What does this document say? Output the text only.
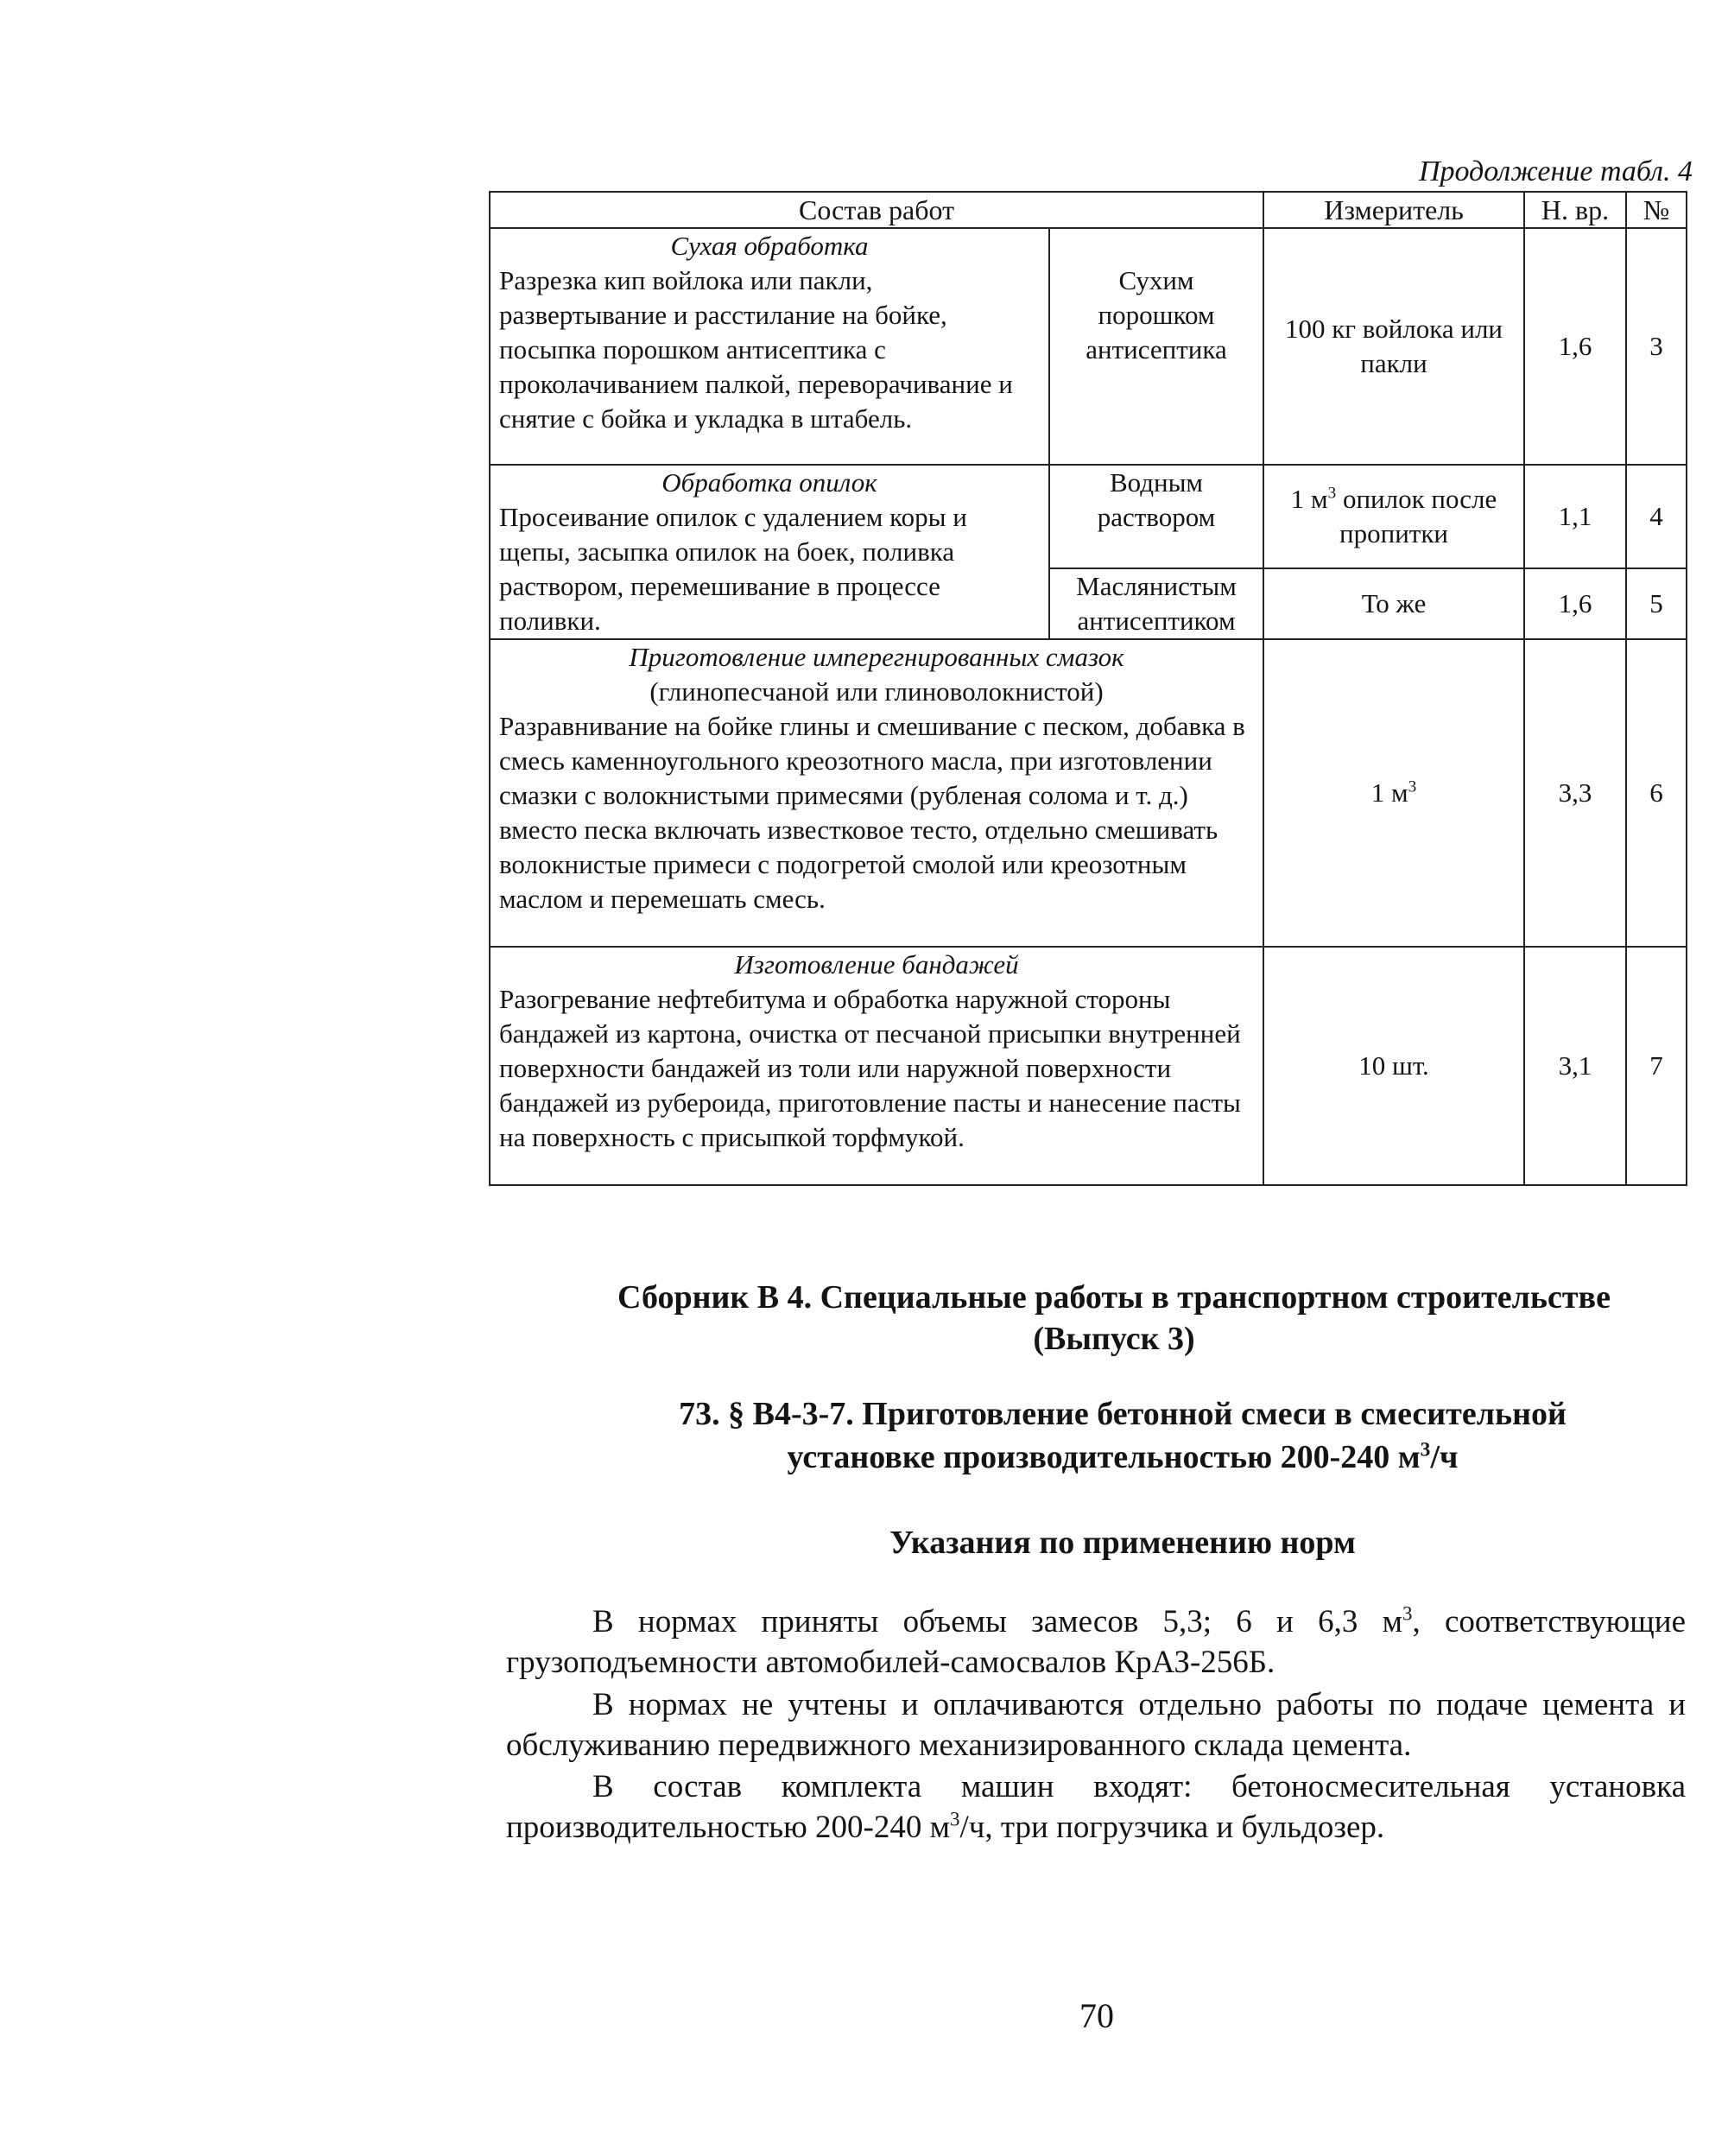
Продолжение табл. 4
Состав работ		Измеритель	Н. вр.	№

Сухая обработка
Разрезка кип войлока или пакли, развертывание и расстилание на бойке, посыпка порошком антисептика с проколачиванием палкой, переворачивание и снятие с бойка и укладка в штабель.	Сухим порошком антисептика	100 кг войлока или пакли	1,6	3

Обработка опилок
Просеивание опилок с удалением коры и щепы, засыпка опилок на боек, поливка раствором, перемешивание в процессе поливки.	Водным раствором	1 $м^3$ опилок после пропитки	1,1	4
	Маслянистым антисептиком	То же	1,6	5

Приготовление имперегнированных смазок
(глинопесчаной или глиноволокнистой)
Разравнивание на бойке глины и смешивание с песком, добавка в смесь каменноугольного креозотного масла, при изготовлении смазки с волокнистыми примесями (рубленая солома и т. д.) вместо песка включать известковое тесто, отдельно смешивать волокнистые примеси с подогретой смолой или креозотным маслом и перемешать смесь.		1 $м^3$	3,3	6

Изготовление бандажей
Разогревание нефтебитума и обработка наружной стороны бандажей из картона, очистка от песчаной присыпки внутренней поверхности бандажей из толи или наружной поверхности бандажей из рубероида, приготовление пасты и нанесение пасты на поверхность с присыпкой торфмукой.		10 шт.	3,1	7
Сборник В 4. Специальные работы в транспортном строительстве
(Выпуск 3)
73. § В4-3-7. Приготовление бетонной смеси в смесительной
установке производительностью 200-240 $м^3/ч$
Указания по применению норм

В нормах приняты объемы замесов 5,3; 6 и 6,3 $м^3$, соответствующие грузоподъемности автомобилей-самосвалов КрАЗ-256Б.

В нормах не учтены и оплачиваются отдельно работы по подаче цемента и обслуживанию передвижного механизированного склада цемента.

В состав комплекта машин входят: бетоносмесительная установка производительностью 200-240 $м^3/ч$, три погрузчика и бульдозер.

70
